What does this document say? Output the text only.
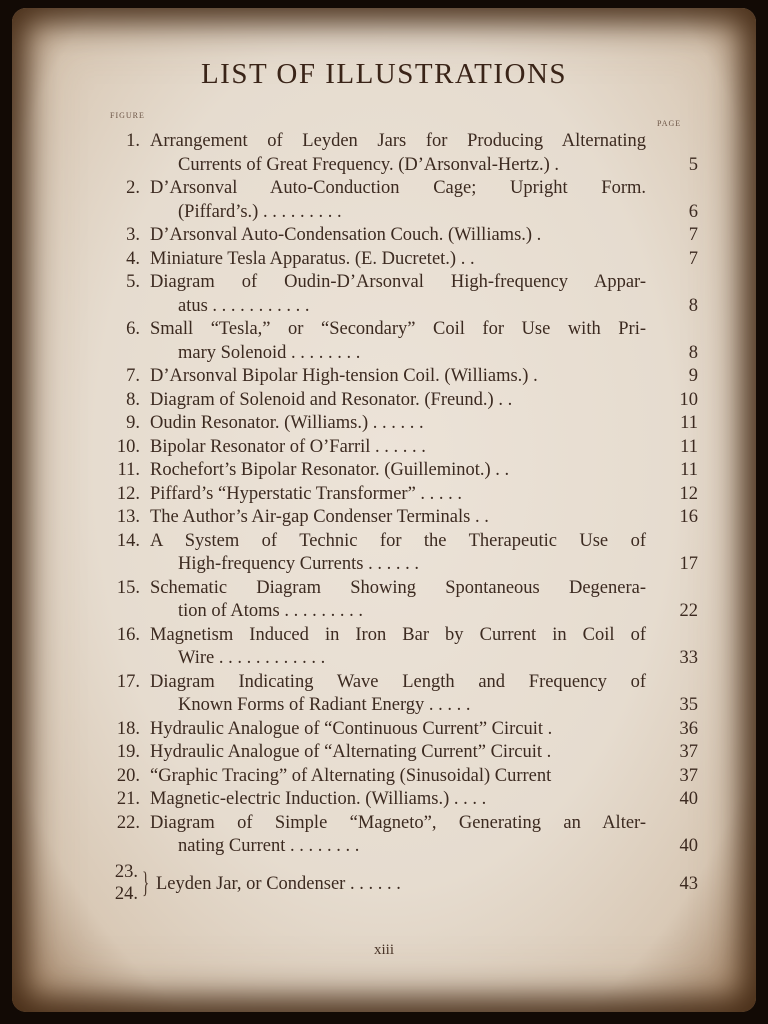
LIST OF ILLUSTRATIONS
FIGURE
PAGE
1. Arrangement of Leyden Jars for Producing Alternating
Currents of Great Frequency. (D’Arsonval-Hertz.) .	5
2. D’Arsonval Auto-Conduction Cage; Upright Form.
(Piffard’s.) . . . . . . . . .	6
3. D’Arsonval Auto-Condensation Couch. (Williams.) .	7
4. Miniature Tesla Apparatus. (E. Ducretet.) . .	7
5. Diagram of Oudin-D’Arsonval High-frequency Appar-
atus . . . . . . . . . . .	8
6. Small “Tesla,” or “Secondary” Coil for Use with Pri-
mary Solenoid . . . . . . . .	8
7. D’Arsonval Bipolar High-tension Coil. (Williams.) .	9
8. Diagram of Solenoid and Resonator. (Freund.) . .	10
9. Oudin Resonator. (Williams.) . . . . . .	11
10. Bipolar Resonator of O’Farril . . . . . .	11
11. Rochefort’s Bipolar Resonator. (Guilleminot.) . .	11
12. Piffard’s “Hyperstatic Transformer” . . . . .	12
13. The Author’s Air-gap Condenser Terminals . .	16
14. A System of Technic for the Therapeutic Use of
High-frequency Currents . . . . . .	17
15. Schematic Diagram Showing Spontaneous Degenera-
tion of Atoms . . . . . . . . .	22
16. Magnetism Induced in Iron Bar by Current in Coil of
Wire . . . . . . . . . . . .	33
17. Diagram Indicating Wave Length and Frequency of
Known Forms of Radiant Energy . . . . .	35
18. Hydraulic Analogue of “Continuous Current” Circuit .	36
19. Hydraulic Analogue of “Alternating Current” Circuit .	37
20. “Graphic Tracing” of Alternating (Sinusoidal) Current	37
21. Magnetic-electric Induction. (Williams.) . . . .	40
22. Diagram of Simple “Magneto”, Generating an Alter-
nating Current . . . . . . . .	40
23.
24. } Leyden Jar, or Condenser . . . . . .	43
xiii
